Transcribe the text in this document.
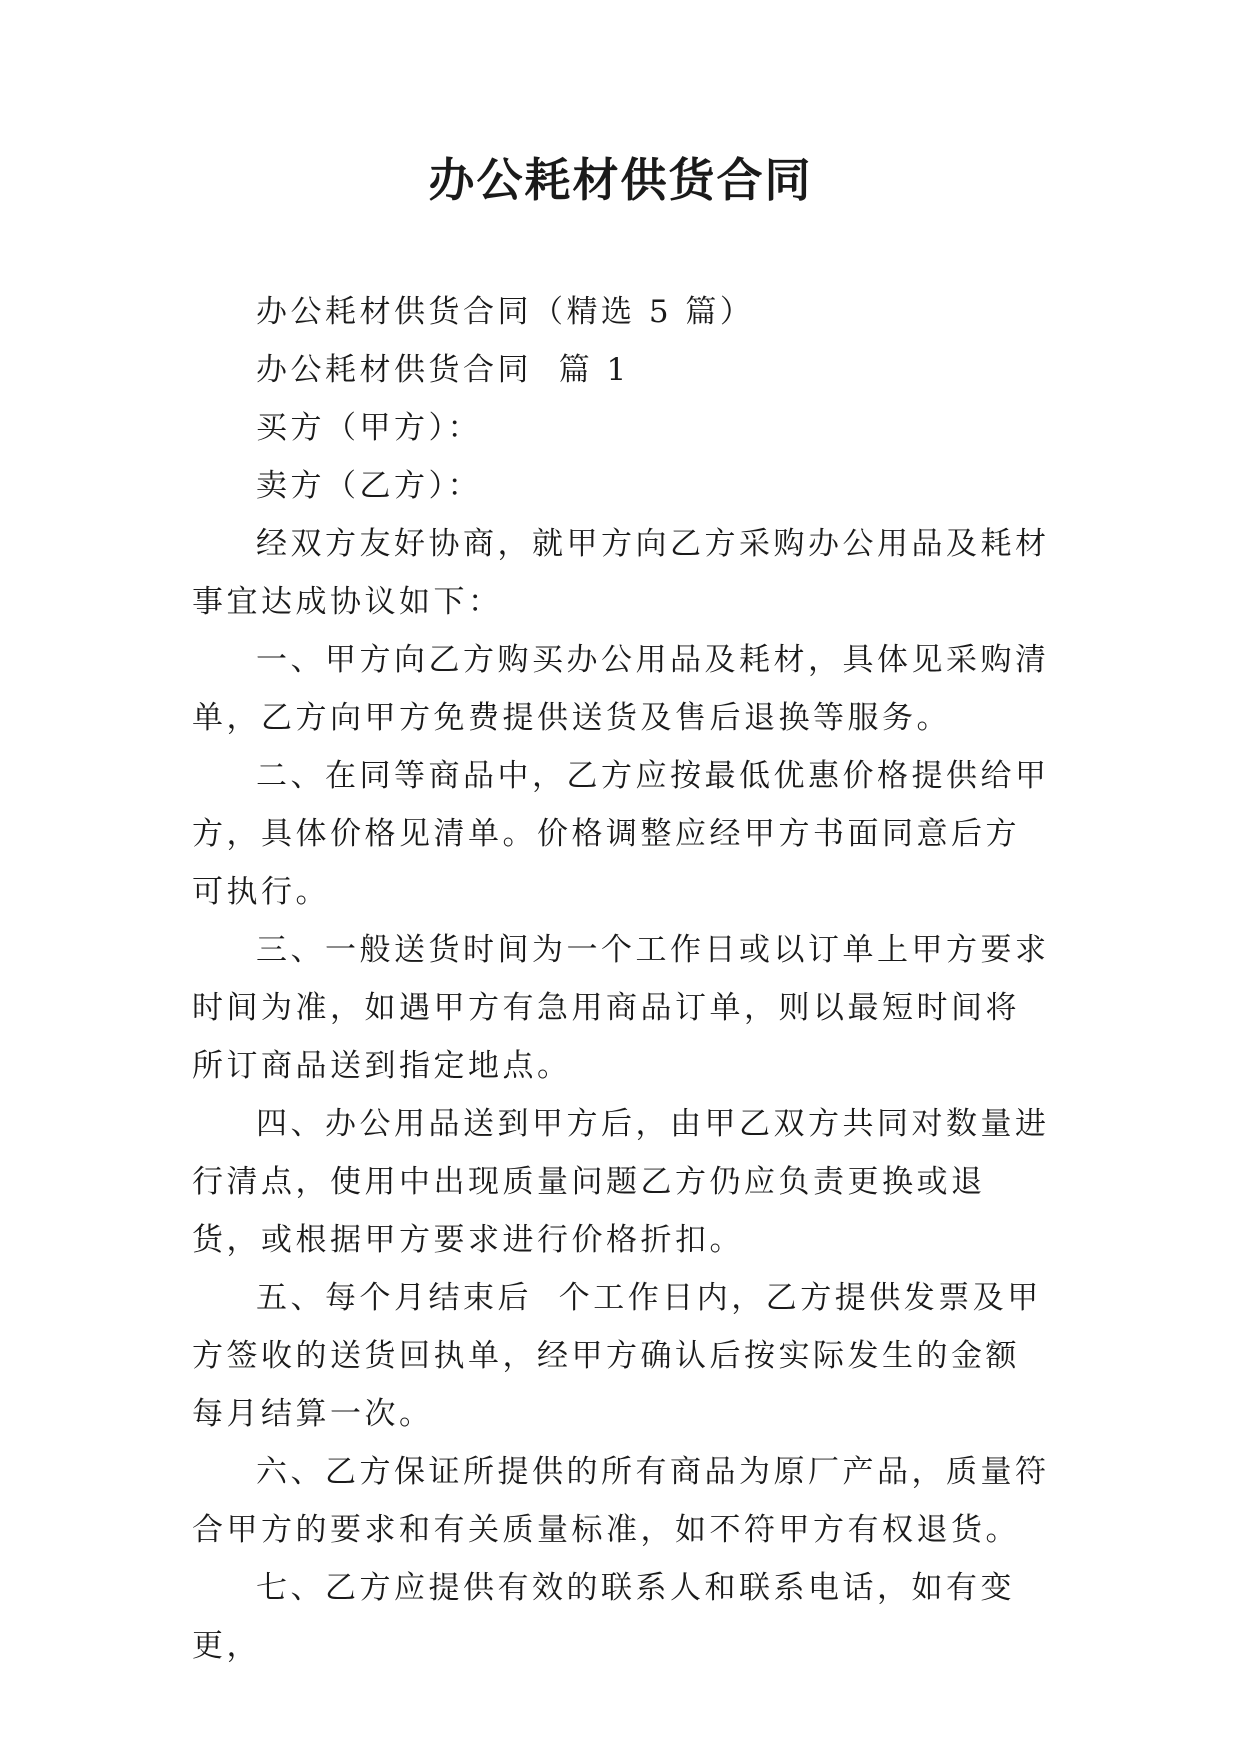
办公耗材供货合同

办公耗材供货合同（精选 5 篇）

办公耗材供货合同  篇 1

买方（甲方）：

卖方（乙方）：

经双方友好协商，就甲方向乙方采购办公用品及耗材事宜达成协议如下：

一、甲方向乙方购买办公用品及耗材，具体见采购清单，乙方向甲方免费提供送货及售后退换等服务。

二、在同等商品中，乙方应按最低优惠价格提供给甲方，具体价格见清单。价格调整应经甲方书面同意后方可执行。

三、一般送货时间为一个工作日或以订单上甲方要求时间为准，如遇甲方有急用商品订单，则以最短时间将所订商品送到指定地点。

四、办公用品送到甲方后，由甲乙双方共同对数量进行清点，使用中出现质量问题乙方仍应负责更换或退货，或根据甲方要求进行价格折扣。

五、每个月结束后  个工作日内，乙方提供发票及甲方签收的送货回执单，经甲方确认后按实际发生的金额每月结算一次。

六、乙方保证所提供的所有商品为原厂产品，质量符合甲方的要求和有关质量标准，如不符甲方有权退货。

七、乙方应提供有效的联系人和联系电话，如有变更，
